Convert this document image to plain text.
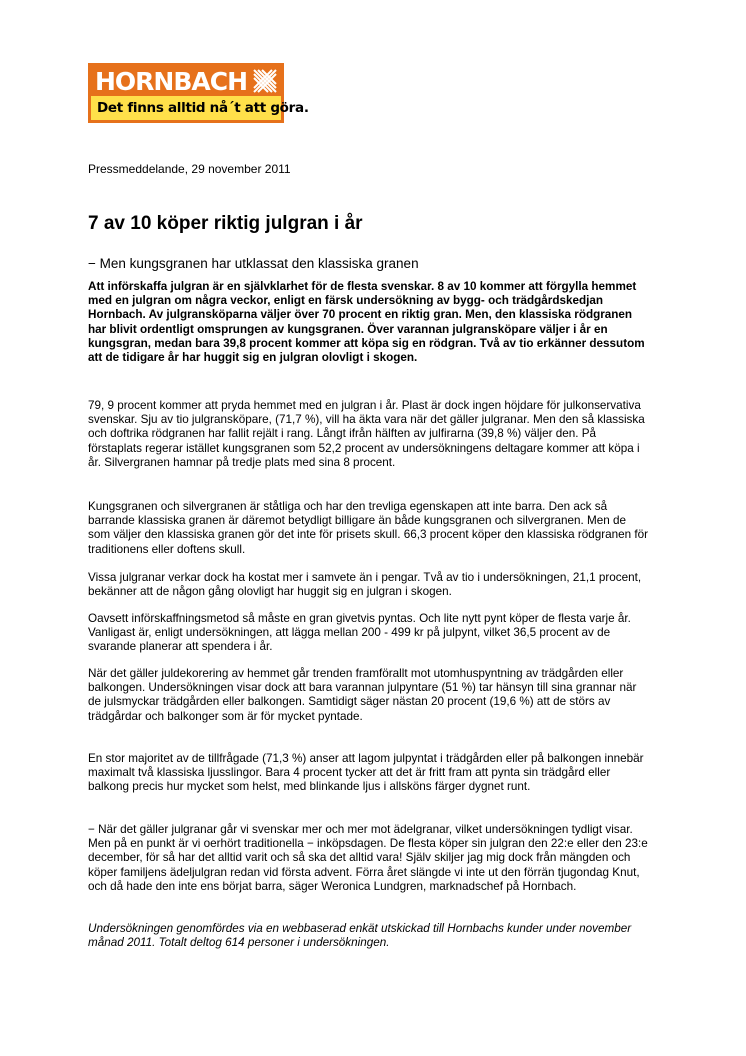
HORNBACH
Det finns alltid nå´t att göra.
Pressmeddelande, 29 november 2011
7 av 10 köper riktig julgran i år
− Men kungsgranen har utklassat den klassiska granen

Att införskaffa julgran är en självklarhet för de flesta svenskar. 8 av 10 kommer att förgylla hemmet med en julgran om några veckor, enligt en färsk undersökning av bygg- och trädgårdskedjan Hornbach. Av julgransköparna väljer över 70 procent en riktig gran. Men, den klassiska rödgranen har blivit ordentligt omsprungen av kungsgranen. Över varannan julgransköpare väljer i år en kungsgran, medan bara 39,8 procent kommer att köpa sig en rödgran. Två av tio erkänner dessutom att de tidigare år har huggit sig en julgran olovligt i skogen.

79, 9 procent kommer att pryda hemmet med en julgran i år. Plast är dock ingen höjdare för julkonservativa svenskar. Sju av tio julgransköpare, (71,7 %), vill ha äkta vara när det gäller julgranar. Men den så klassiska och doftrika rödgranen har fallit rejält i rang. Långt ifrån hälften av julfirarna (39,8 %) väljer den. På förstaplats regerar istället kungsgranen som 52,2 procent av undersökningens deltagare kommer att köpa i år. Silvergranen hamnar på tredje plats med sina 8 procent.

Kungsgranen och silvergranen är ståtliga och har den trevliga egenskapen att inte barra. Den ack så barrande klassiska granen är däremot betydligt billigare än både kungsgranen och silvergranen. Men de som väljer den klassiska granen gör det inte för prisets skull. 66,3 procent köper den klassiska rödgranen för traditionens eller doftens skull.

Vissa julgranar verkar dock ha kostat mer i samvete än i pengar. Två av tio i undersökningen, 21,1 procent, bekänner att de någon gång olovligt har huggit sig en julgran i skogen.

Oavsett införskaffningsmetod så måste en gran givetvis pyntas. Och lite nytt pynt köper de flesta varje år. Vanligast är, enligt undersökningen, att lägga mellan 200 - 499 kr på julpynt, vilket 36,5 procent av de svarande planerar att spendera i år.

När det gäller juldekorering av hemmet går trenden framförallt mot utomhuspyntning av trädgården eller balkongen. Undersökningen visar dock att bara varannan julpyntare (51 %) tar hänsyn till sina grannar när de julsmyckar trädgården eller balkongen. Samtidigt säger nästan 20 procent (19,6 %) att de störs av trädgårdar och balkonger som är för mycket pyntade.

En stor majoritet av de tillfrågade (71,3 %) anser att lagom julpyntat i trädgården eller på balkongen innebär maximalt två klassiska ljusslingor. Bara 4 procent tycker att det är fritt fram att pynta sin trädgård eller balkong precis hur mycket som helst, med blinkande ljus i allsköns färger dygnet runt.

− När det gäller julgranar går vi svenskar mer och mer mot ädelgranar, vilket undersökningen tydligt visar. Men på en punkt är vi oerhört traditionella − inköpsdagen. De flesta köper sin julgran den 22:e eller den 23:e december, för så har det alltid varit och så ska det alltid vara! Själv skiljer jag mig dock från mängden och köper familjens ädeljulgran redan vid första advent. Förra året slängde vi inte ut den förrän tjugondag Knut, och då hade den inte ens börjat barra, säger Weronica Lundgren, marknadschef på Hornbach.

Undersökningen genomfördes via en webbaserad enkät utskickad till Hornbachs kunder under november månad 2011. Totalt deltog 614 personer i undersökningen.
